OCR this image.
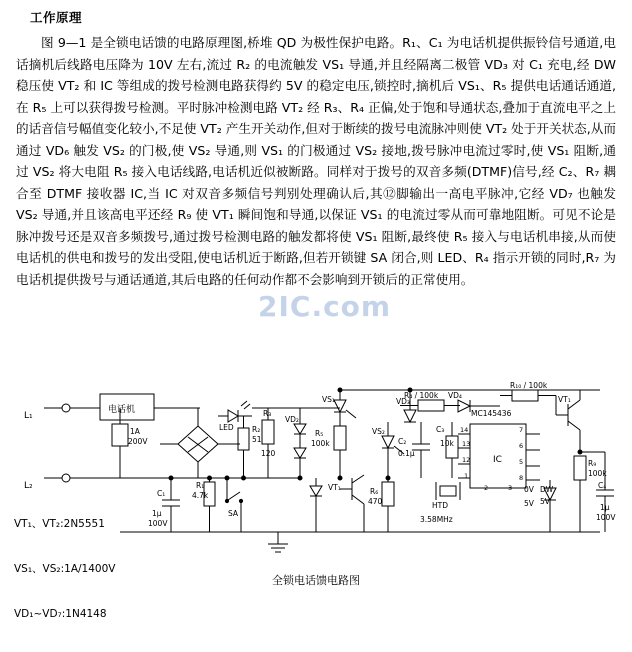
工作原理
图 9—1 是全锁电话馈的电路原理图,桥堆 QD 为极性保护电路。R₁、C₁ 为电话机提供振铃信号通道,电话摘机后线路电压降为 10V 左右,流过 R₂ 的电流触发 VS₁ 导通,并且经隔离二极管 VD₃ 对 C₁ 充电,经 DW 稳压使 VT₂ 和 IC 等组成的拨号检测电路获得约 5V 的稳定电压,锁控时,摘机后 VS₁、R₅ 提供电话通话通道,在 R₅ 上可以获得拨号检测。平时脉冲检测电路 VT₂ 经 R₃、R₄ 正偏,处于饱和导通状态,叠加于直流电平之上的话音信号幅值变化较小,不足使 VT₂ 产生开关动作,但对于断续的拨号电流脉冲则使 VT₂ 处于开关状态,从而通过 VD₆ 触发 VS₂ 的门极,使 VS₂ 导通,则 VS₁ 的门极通过 VS₂ 接地,拨号脉冲电流过零时,使 VS₁ 阻断,通过 VS₂ 将大电阻 R₅ 接入电话线路,电话机近似被断路。同样对于拨号的双音多频(DTMF)信号,经 C₂、R₇ 耦合至 DTMF 接收器 IC,当 IC 对双音多频信号判别处理确认后,其⑫脚输出一高电平脉冲,它经 VD₇ 也触发 VS₂ 导通,并且该高电平还经 R₉ 使 VT₁ 瞬间饱和导通,以保证 VS₁ 的电流过零从而可靠地阻断。可见不论是脉冲拨号还是双音多频拨号,通过拨号检测电路的触发都将使 VS₁ 阻断,最终使 R₅ 接入与电话机串接,从而使电话机的供电和拨号的发出受阻,使电话机近于断路,但若开锁键 SA 闭合,则 LED、R₄ 指示开锁的同时,R₇ 为电话机提供拨号与通话通道,其后电路的任何动作都不会影响到开锁后的正常使用。
2IC.com

VT₁、VT₂:2N5551

VS₁、VS₂:1A/1400V

VD₁~VD₇:1N4148

电话机
L₁
L₂
1A
200V
LED
R₁
4.7k
R₂
51
R₃
120
C₁
1μ
100V
SA
VD₂
VS₁
R₅
100k
VT₁
VS₂
R₆
470
C₂
0.1μ
VD₃
R₄ / 100k VD₄
C₃
10k
MC145436
IC
HTD
3.58MHz
DW
5V
VT₁
R₉
100k
R₁₀ / 100k
C₄
1μ
100V
14
13
12
1
7
6
5
8
3
2	0V
5V
全锁电话馈电路图
